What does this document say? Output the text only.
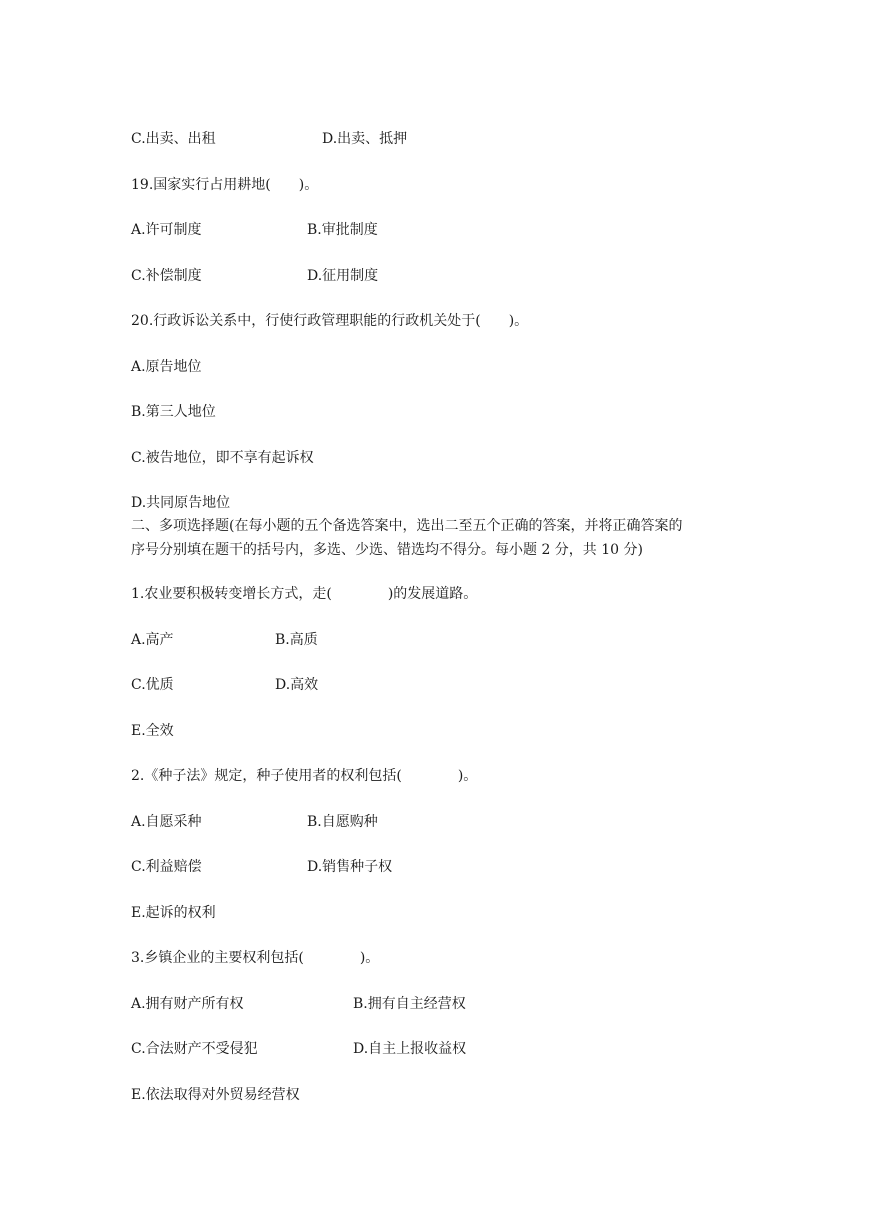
C.出卖、出租	D.出卖、抵押
19.国家实行占用耕地(　　)。
A.许可制度	B.审批制度
C.补偿制度	D.征用制度
20.行政诉讼关系中，行使行政管理职能的行政机关处于(　　)。
A.原告地位
B.第三人地位
C.被告地位，即不享有起诉权
D.共同原告地位
二、多项选择题(在每小题的五个备选答案中，选出二至五个正确的答案，并将正确答案的
序号分别填在题干的括号内，多选、少选、错选均不得分。每小题 2 分，共 10 分)
1.农业要积极转变增长方式，走(　　　　)的发展道路。
A.高产	B.高质
C.优质	D.高效
E.全效
2.《种子法》规定，种子使用者的权利包括(　　　　)。
A.自愿采种	B.自愿购种
C.利益赔偿	D.销售种子权
E.起诉的权利
3.乡镇企业的主要权利包括(　　　　)。
A.拥有财产所有权	B.拥有自主经营权
C.合法财产不受侵犯	D.自主上报收益权
E.依法取得对外贸易经营权
